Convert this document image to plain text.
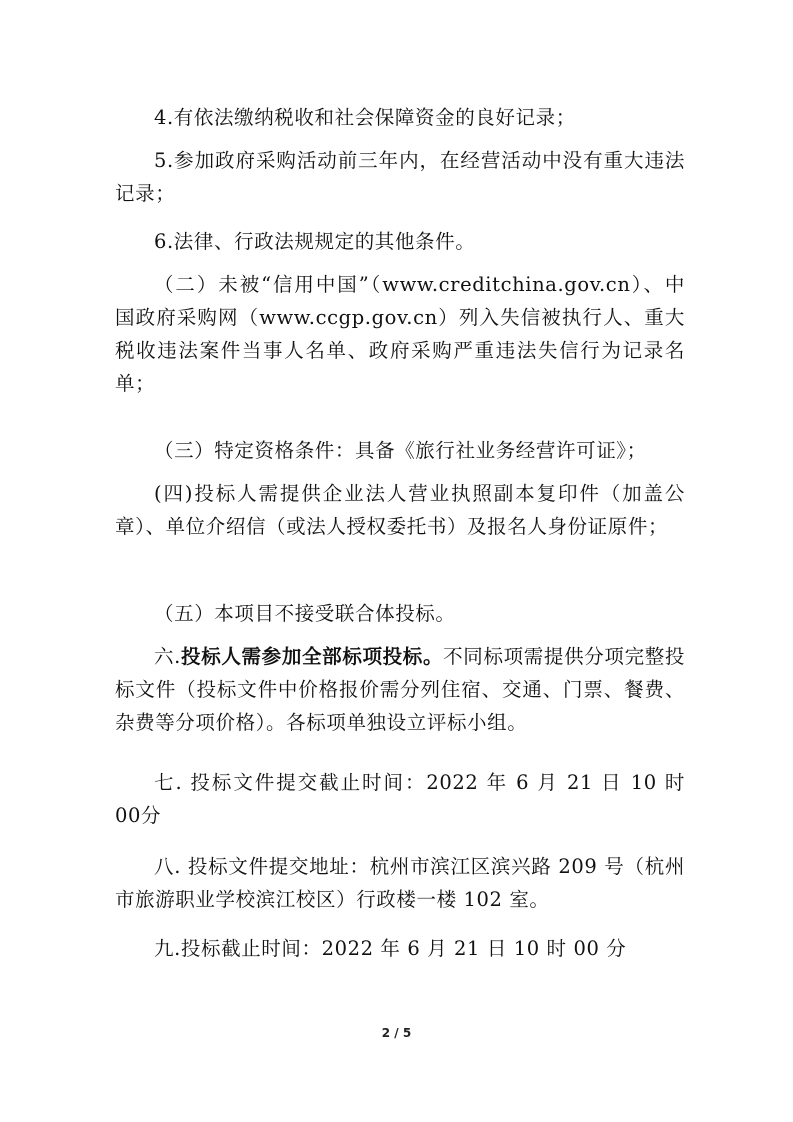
4.有依法缴纳税收和社会保障资金的良好记录；

5.参加政府采购活动前三年内，在经营活动中没有重大违法记录；

6.法律、行政法规规定的其他条件。

（二）未被“信用中国”（www.creditchina.gov.cn）、中国政府采购网（www.ccgp.gov.cn）列入失信被执行人、重大税收违法案件当事人名单、政府采购严重违法失信行为记录名单；

（三）特定资格条件：具备《旅行社业务经营许可证》；

(四)投标人需提供企业法人营业执照副本复印件（加盖公章）、单位介绍信（或法人授权委托书）及报名人身份证原件；

（五）本项目不接受联合体投标。

六.投标人需参加全部标项投标。不同标项需提供分项完整投标文件（投标文件中价格报价需分列住宿、交通、门票、餐费、杂费等分项价格）。各标项单独设立评标小组。

七. 投标文件提交截止时间：2022 年 6 月 21 日 10 时 00分

八. 投标文件提交地址：杭州市滨江区滨兴路 209 号（杭州市旅游职业学校滨江校区）行政楼一楼 102 室。

九.投标截止时间：2022 年 6 月 21 日 10 时 00 分

2 / 5
